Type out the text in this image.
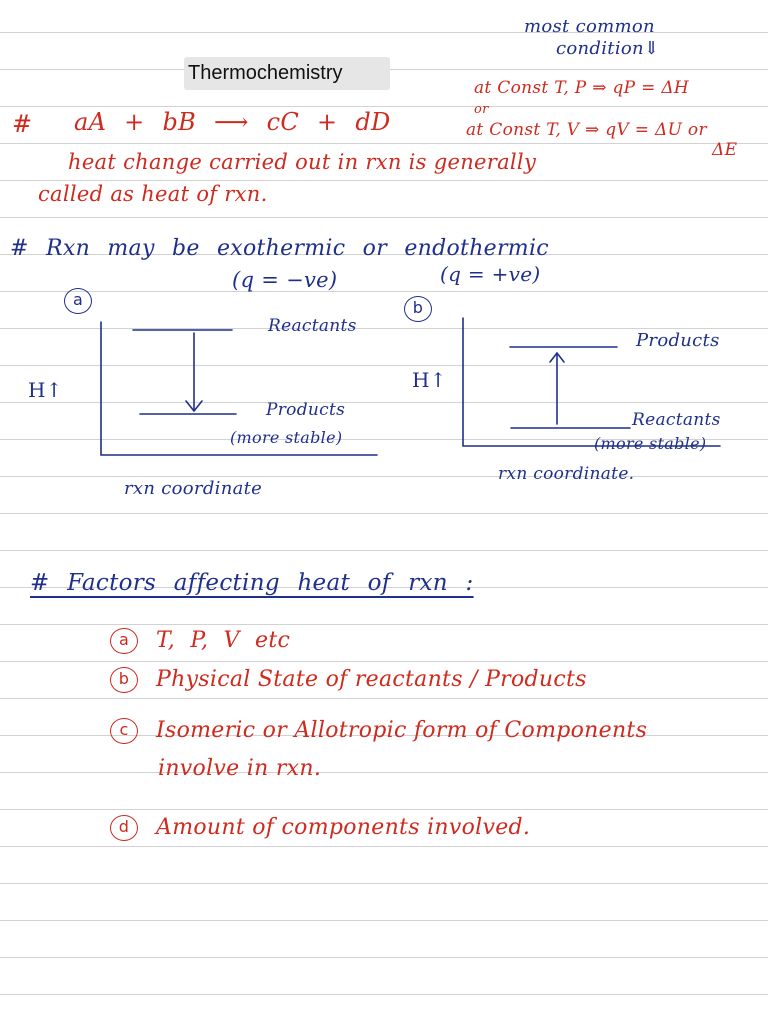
Thermochemistry
most common
condition⇓
at Const T, P ⇒ qP = ΔH
or
at Const T, V ⇒ qV = ΔU or
ΔE
# aA + bB ⟶ cC + dD
heat change carried out in rxn is generally
called as heat of rxn.
# Rxn may be exothermic or endothermic
(q = −ve)	(q = +ve)
a
H↑
Reactants
Products
(more stable)
rxn coordinate
b
H↑
Products
Reactants
(more stable)
rxn coordinate.
# Factors affecting heat of rxn :
a T, P, V etc
b Physical State of reactants / Products
c Isomeric or Allotropic form of Components
involve in rxn.
d Amount of components involved.
